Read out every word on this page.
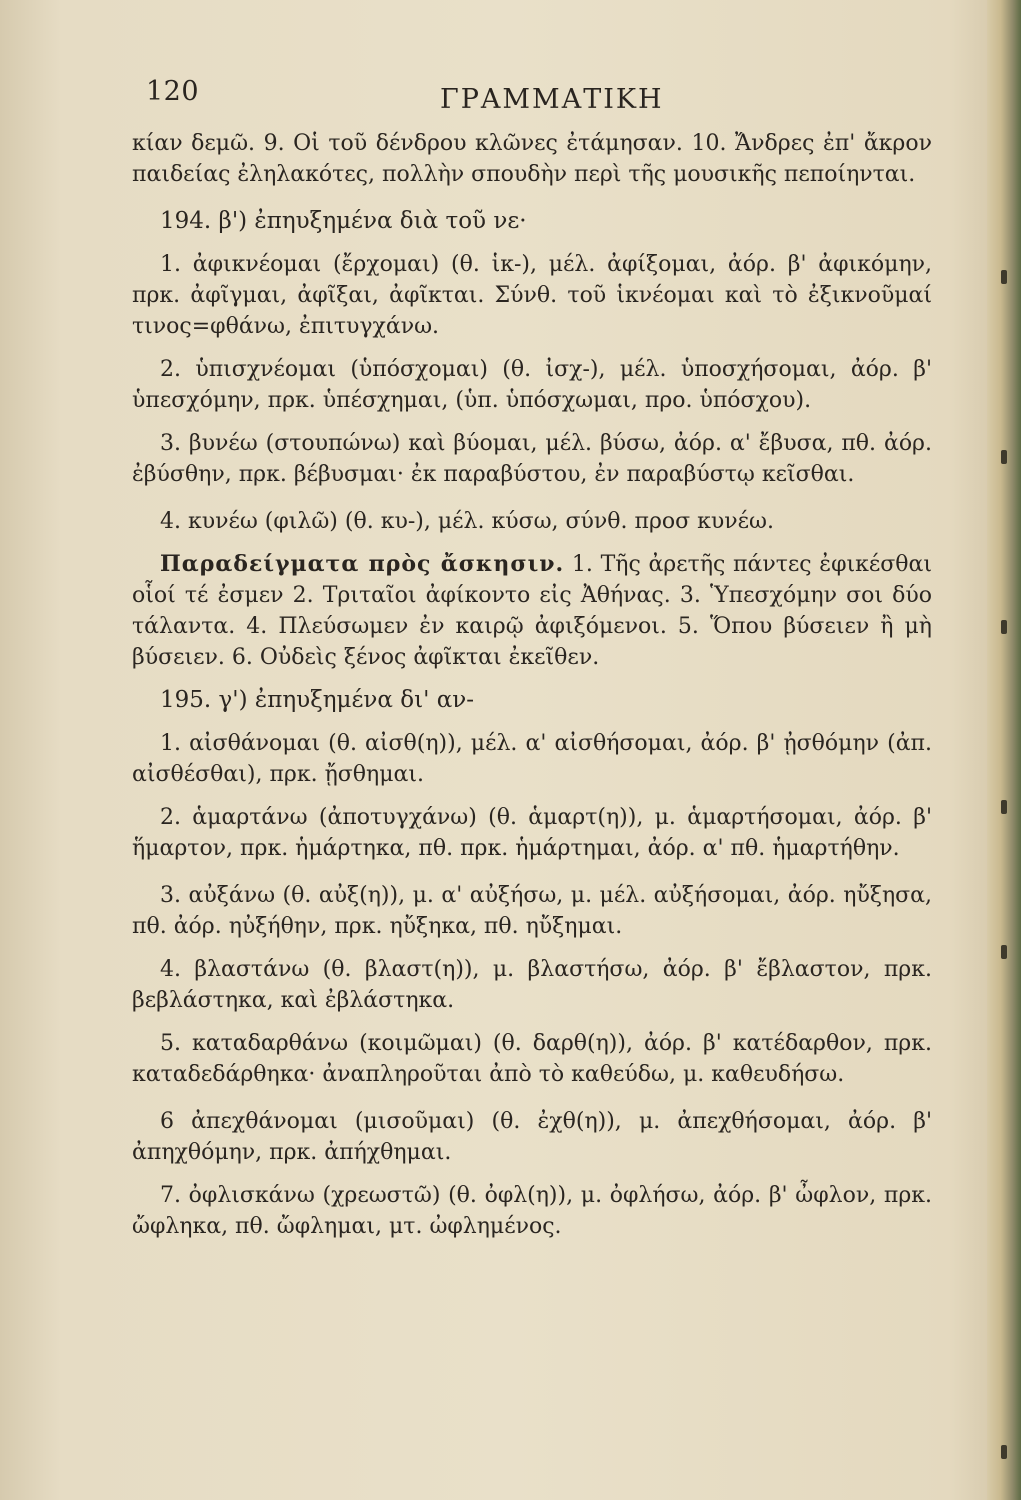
120	ΓΡΑΜΜΑΤΙΚΗ

κίαν δεμῶ. 9. Οἱ τοῦ δένδρου κλῶνες ἐτάμησαν. 10. Ἄνδρες ἐπ' ἄκρον παιδείας ἐληλακότες, πολλὴν σπουδὴν περὶ τῆς μουσικῆς πεποίηνται.

194. β') ἐπηυξημένα διὰ τοῦ νε·

1. ἀφικνέομαι (ἔρχομαι) (θ. ἱκ-), μέλ. ἀφίξομαι, ἀόρ. β' ἀφικόμην, πρκ. ἀφῖγμαι, ἀφῖξαι, ἀφῖκται. Σύνθ. τοῦ ἱκνέομαι καὶ τὸ ἐξικνοῦμαί τινος=φθάνω, ἐπιτυγχάνω.

2. ὑπισχνέομαι (ὑπόσχομαι) (θ. ἰσχ-), μέλ. ὑποσχήσομαι, ἀόρ. β' ὑπεσχόμην, πρκ. ὑπέσχημαι, (ὑπ. ὑπόσχωμαι, προ. ὑπόσχου).

3. βυνέω (στουπώνω) καὶ βύομαι, μέλ. βύσω, ἀόρ. α' ἔβυσα, πθ. ἀόρ. ἐβύσθην, πρκ. βέβυσμαι· ἐκ παραβύστου, ἐν παραβύστῳ κεῖσθαι.

4. κυνέω (φιλῶ) (θ. κυ-), μέλ. κύσω, σύνθ. προσ κυνέω.

Παραδείγματα πρὸς ἄσκησιν. 1. Τῆς ἀρετῆς πάντες ἐφικέσθαι οἷοί τέ ἐσμεν 2. Τριταῖοι ἀφίκοντο εἰς Ἀθήνας. 3. Ὑπεσχόμην σοι δύο τάλαντα. 4. Πλεύσωμεν ἐν καιρῷ ἀφιξόμενοι. 5. Ὅπου βύσειεν ἢ μὴ βύσειεν. 6. Οὐδεὶς ξένος ἀφῖκται ἐκεῖθεν.

195. γ') ἐπηυξημένα δι' αν-

1. αἰσθάνομαι (θ. αἰσθ(η)), μέλ. α' αἰσθήσομαι, ἀόρ. β' ᾐσθόμην (ἀπ. αἰσθέσθαι), πρκ. ᾔσθημαι.

2. ἁμαρτάνω (ἀποτυγχάνω) (θ. ἁμαρτ(η)), μ. ἁμαρτήσομαι, ἀόρ. β' ἥμαρτον, πρκ. ἡμάρτηκα, πθ. πρκ. ἡμάρτημαι, ἀόρ. α' πθ. ἡμαρτήθην.

3. αὐξάνω (θ. αὐξ(η)), μ. α' αὐξήσω, μ. μέλ. αὐξήσομαι, ἀόρ. ηὔξησα, πθ. ἀόρ. ηὐξήθην, πρκ. ηὔξηκα, πθ. ηὔξημαι.

4. βλαστάνω (θ. βλαστ(η)), μ. βλαστήσω, ἀόρ. β' ἔβλαστον, πρκ. βεβλάστηκα, καὶ ἐβλάστηκα.

5. καταδαρθάνω (κοιμῶμαι) (θ. δαρθ(η)), ἀόρ. β' κατέδαρθον, πρκ. καταδεδάρθηκα· ἀναπληροῦται ἀπὸ τὸ καθεύδω, μ. καθευδήσω.

6 ἀπεχθάνομαι (μισοῦμαι) (θ. ἐχθ(η)), μ. ἀπεχθήσομαι, ἀόρ. β' ἀπηχθόμην, πρκ. ἀπήχθημαι.

7. ὀφλισκάνω (χρεωστῶ) (θ. ὀφλ(η)), μ. ὀφλήσω, ἀόρ. β' ὦφλον, πρκ. ὤφληκα, πθ. ὤφλημαι, μτ. ὠφλημένος.
